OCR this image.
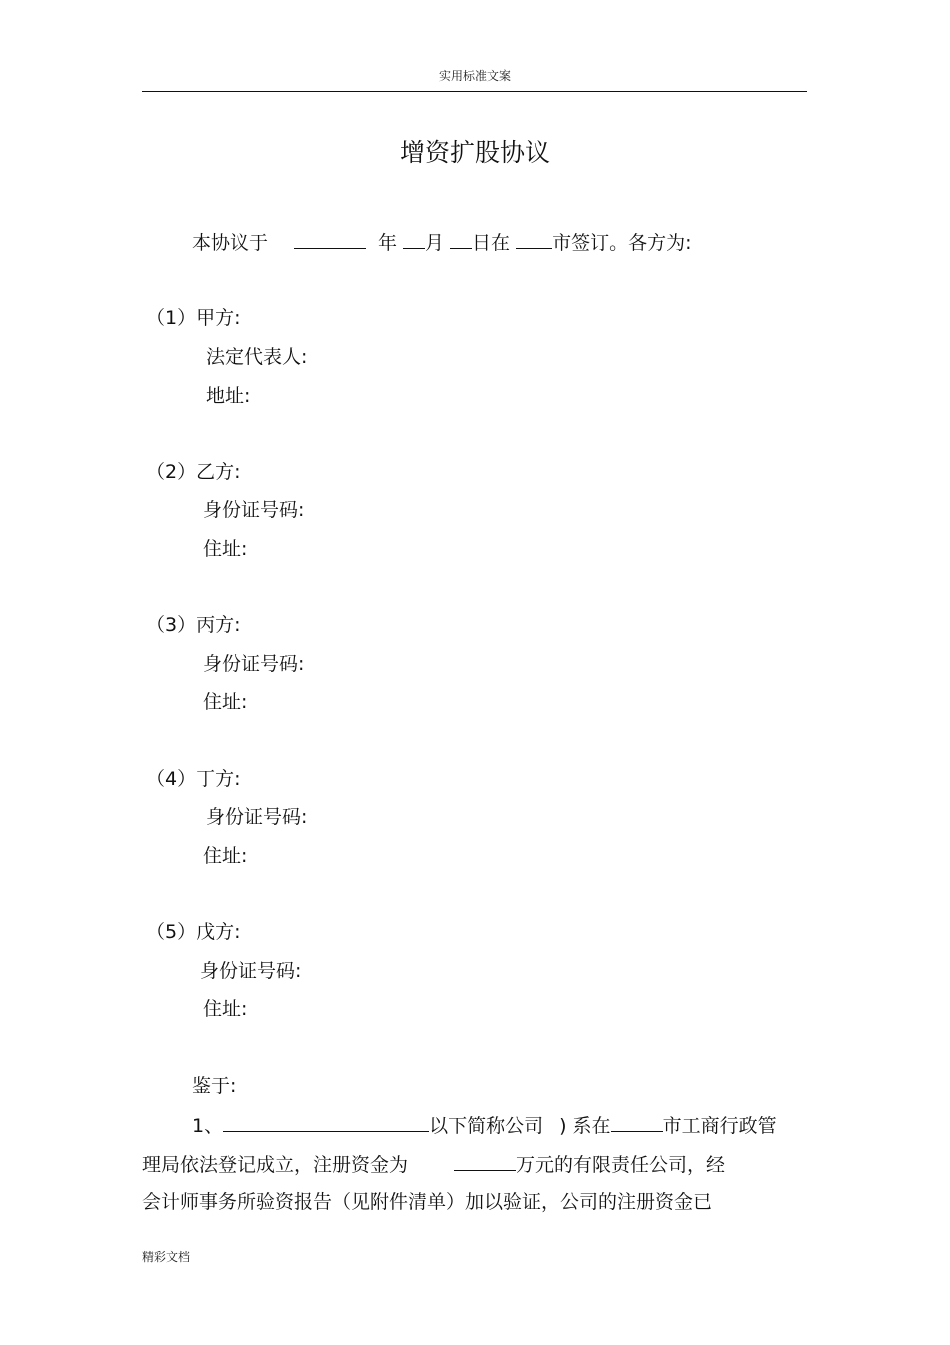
实用标准文案
增资扩股协议
本协议于	年 月 日在 市签订。各方为:
（1）甲方:
法定代表人:
地址:
（2）乙方:
身份证号码:
住址:
（3）丙方:
身份证号码:
住址:
（4）丁方:
身份证号码:
住址:
（5）戊方:
身份证号码:
住址:
鉴于:
1、	以下简称公司 ) 系在	市工商行政管
理局依法登记成立，注册资金为	万元的有限责任公司，经
会计师事务所验资报告（见附件清单）加以验证，公司的注册资金已
精彩文档
